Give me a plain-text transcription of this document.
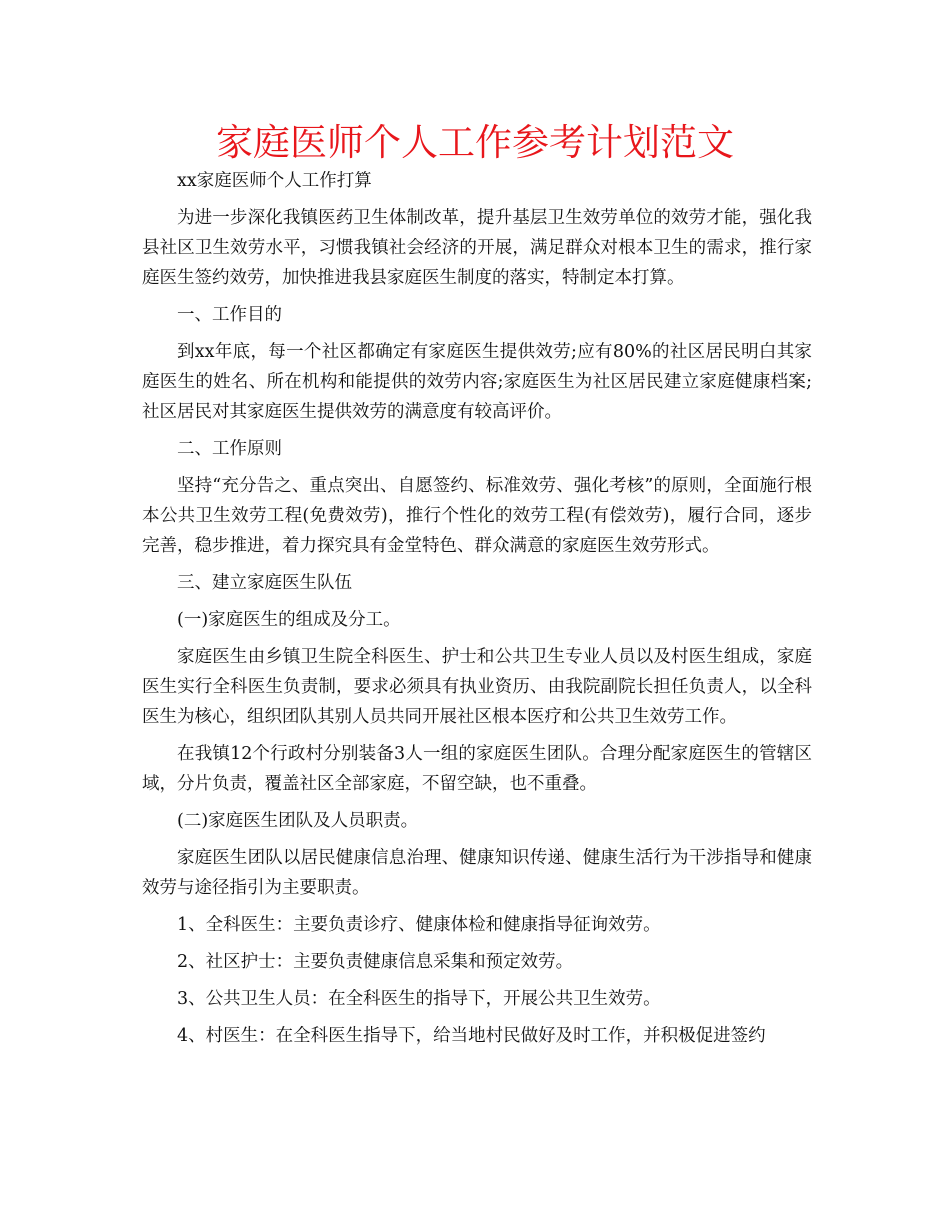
家庭医师个人工作参考计划范文

xx家庭医师个人工作打算

为进一步深化我镇医药卫生体制改革，提升基层卫生效劳单位的效劳才能，强化我县社区卫生效劳水平，习惯我镇社会经济的开展，满足群众对根本卫生的需求，推行家庭医生签约效劳，加快推进我县家庭医生制度的落实，特制定本打算。

一、工作目的

到xx年底，每一个社区都确定有家庭医生提供效劳;应有80%的社区居民明白其家庭医生的姓名、所在机构和能提供的效劳内容;家庭医生为社区居民建立家庭健康档案;社区居民对其家庭医生提供效劳的满意度有较高评价。

二、工作原则

坚持“充分告之、重点突出、自愿签约、标准效劳、强化考核”的原则，全面施行根本公共卫生效劳工程(免费效劳)，推行个性化的效劳工程(有偿效劳)，履行合同，逐步完善，稳步推进，着力探究具有金堂特色、群众满意的家庭医生效劳形式。

三、建立家庭医生队伍

(一)家庭医生的组成及分工。

家庭医生由乡镇卫生院全科医生、护士和公共卫生专业人员以及村医生组成，家庭医生实行全科医生负责制，要求必须具有执业资历、由我院副院长担任负责人，以全科医生为核心，组织团队其别人员共同开展社区根本医疗和公共卫生效劳工作。

在我镇12个行政村分别装备3人一组的家庭医生团队。合理分配家庭医生的管辖区域，分片负责，覆盖社区全部家庭，不留空缺，也不重叠。

(二)家庭医生团队及人员职责。

家庭医生团队以居民健康信息治理、健康知识传递、健康生活行为干涉指导和健康效劳与途径指引为主要职责。

1、全科医生：主要负责诊疗、健康体检和健康指导征询效劳。

2、社区护士：主要负责健康信息采集和预定效劳。

3、公共卫生人员：在全科医生的指导下，开展公共卫生效劳。

4、村医生：在全科医生指导下，给当地村民做好及时工作，并积极促进签约
